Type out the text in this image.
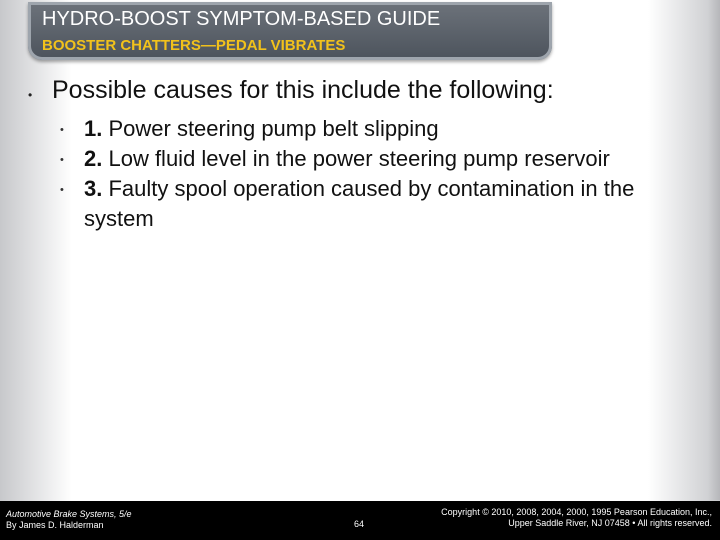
HYDRO-BOOST SYMPTOM-BASED GUIDE
BOOSTER CHATTERS—PEDAL VIBRATES
• Possible causes for this include the following:
• 1. Power steering pump belt slipping
• 2. Low fluid level in the power steering pump reservoir
• 3. Faulty spool operation caused by contamination in the system
Automotive Brake Systems, 5/e
By James D. Halderman	64
Copyright © 2010, 2008, 2004, 2000, 1995 Pearson Education, Inc.,
Upper Saddle River, NJ 07458 • All rights reserved.
